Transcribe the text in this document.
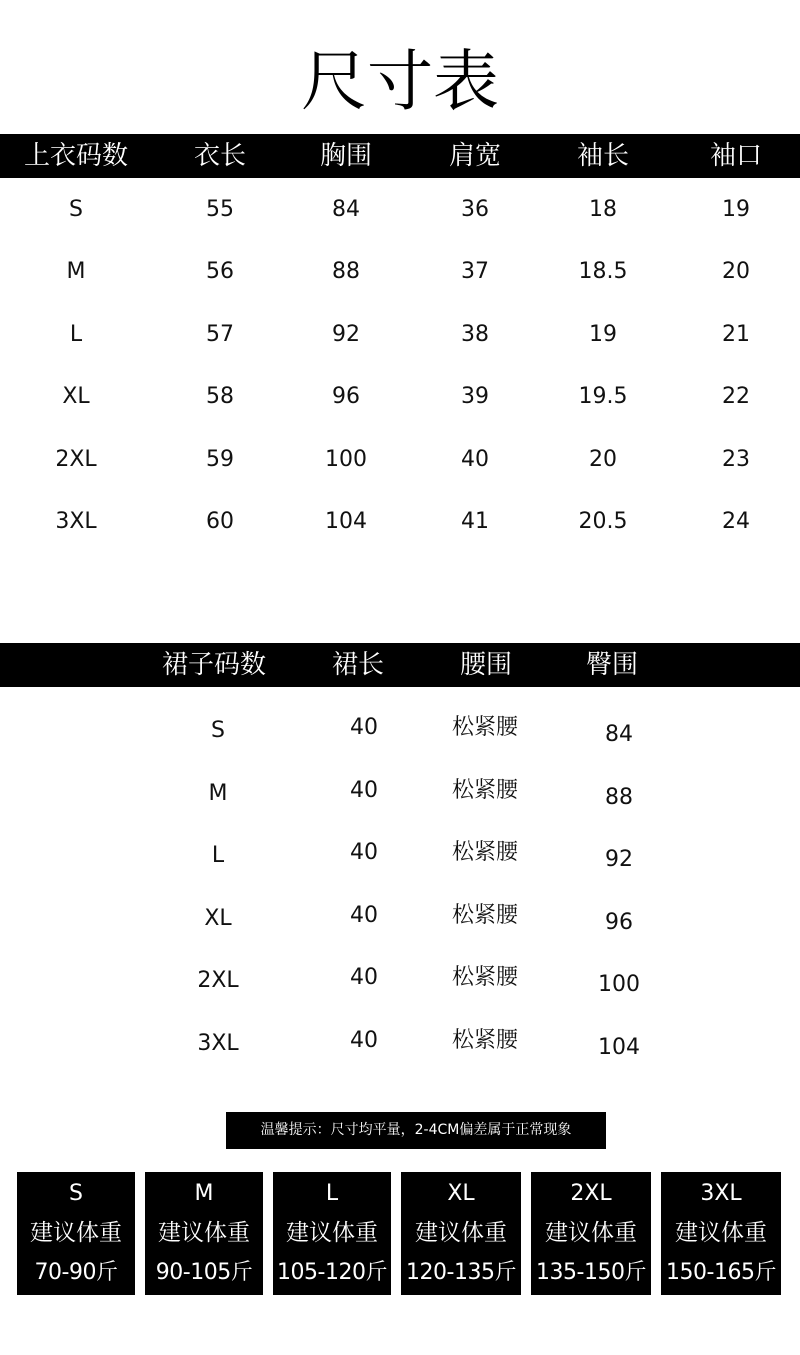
尺寸表
上衣码数	衣长	胸围	肩宽	袖长	袖口
S	55	84	36	18	19
M	56	88	37	18.5	20
L	57	92	38	19	21
XL	58	96	39	19.5	22
2XL	59	100	40	20	23
3XL	60	104	41	20.5	24
裙子码数	裙长	腰围	臀围
S	40	松紧腰	84
M	40	松紧腰	88
L	40	松紧腰	92
XL	40	松紧腰	96
2XL	40	松紧腰	100
3XL	40	松紧腰	104
温馨提示：尺寸均平量，2-4CM偏差属于正常现象
S
建议体重
70-90斤
M
建议体重
90-105斤
L
建议体重
105-120斤
XL
建议体重
120-135斤
2XL
建议体重
135-150斤
3XL
建议体重
150-165斤
